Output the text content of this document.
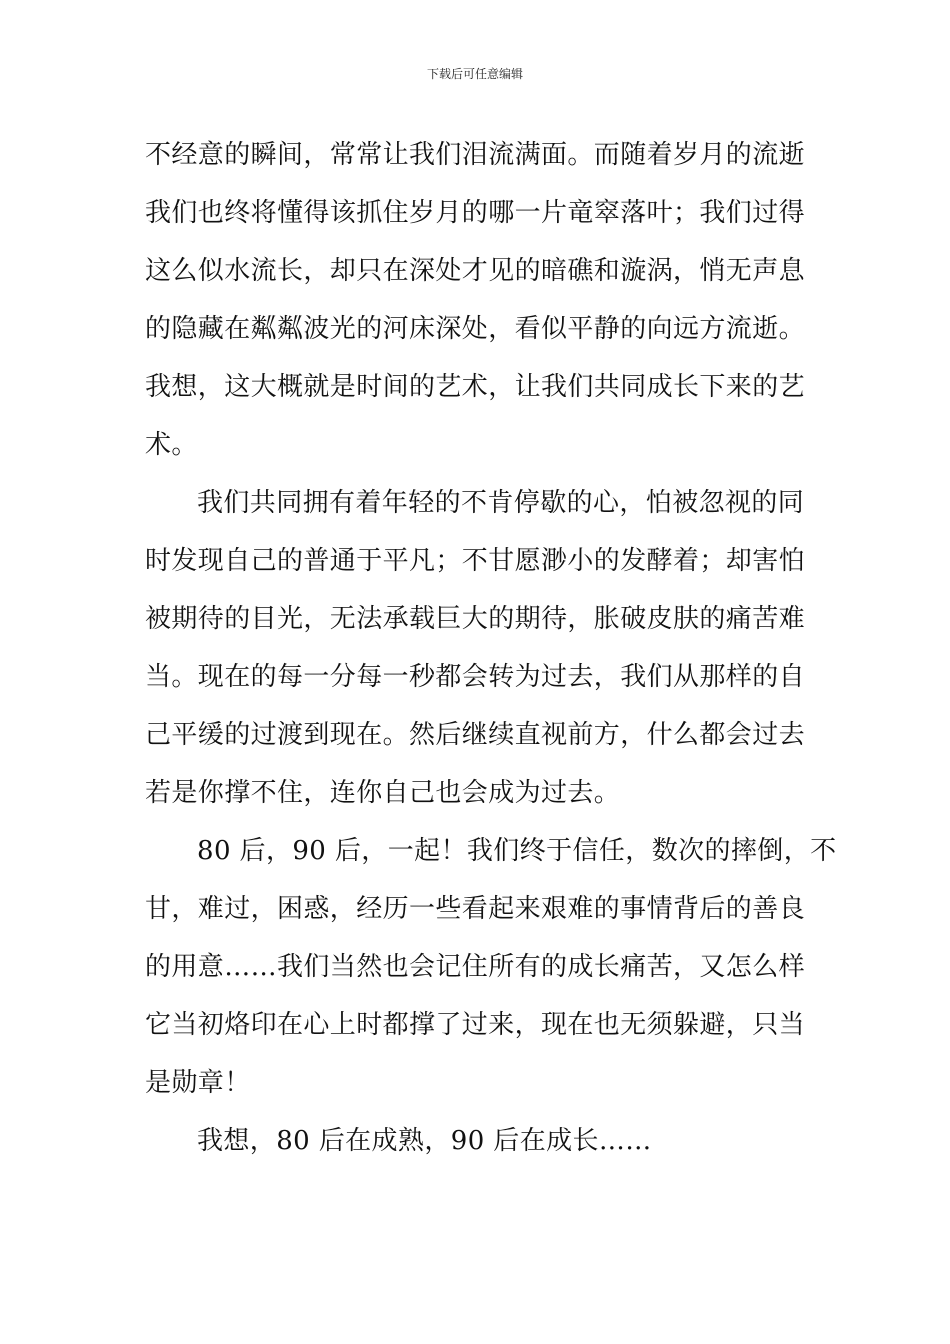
下载后可任意编辑
不经意的瞬间，常常让我们泪流满面。而随着岁月的流逝
我们也终将懂得该抓住岁月的哪一片竜窣落叶；我们过得
这么似水流长，却只在深处才见的暗礁和漩涡，悄无声息
的隐藏在粼粼波光的河床深处，看似平静的向远方流逝。
我想，这大概就是时间的艺术，让我们共同成长下来的艺
术。
我们共同拥有着年轻的不肯停歇的心，怕被忽视的同
时发现自己的普通于平凡；不甘愿渺小的发酵着；却害怕
被期待的目光，无法承载巨大的期待，胀破皮肤的痛苦难
当。现在的每一分每一秒都会转为过去，我们从那样的自
己平缓的过渡到现在。然后继续直视前方，什么都会过去
若是你撑不住，连你自己也会成为过去。
80 后，90 后，一起！我们终于信任，数次的摔倒，不
甘，难过，困惑，经历一些看起来艰难的事情背后的善良
的用意……我们当然也会记住所有的成长痛苦，又怎么样
它当初烙印在心上时都撑了过来，现在也无须躲避，只当
是勋章！
我想，80 后在成熟，90 后在成长……
